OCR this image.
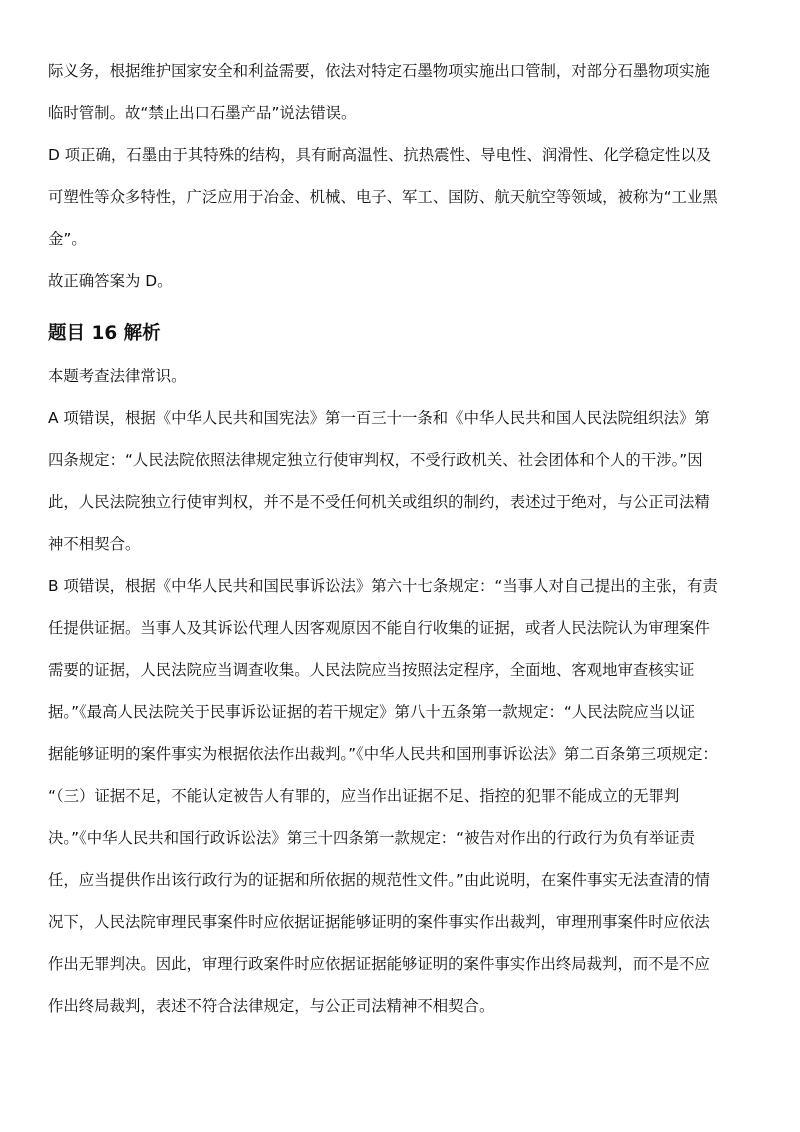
际义务，根据维护国家安全和利益需要，依法对特定石墨物项实施出口管制，对部分石墨物项实施
临时管制。故“禁止出口石墨产品”说法错误。
D 项正确，石墨由于其特殊的结构，具有耐高温性、抗热震性、导电性、润滑性、化学稳定性以及
可塑性等众多特性，广泛应用于冶金、机械、电子、军工、国防、航天航空等领域，被称为“工业黑
金”。
故正确答案为 D。
题目 16 解析
本题考查法律常识。
A 项错误，根据《中华人民共和国宪法》第一百三十一条和《中华人民共和国人民法院组织法》第
四条规定：“人民法院依照法律规定独立行使审判权，不受行政机关、社会团体和个人的干涉。”因
此，人民法院独立行使审判权，并不是不受任何机关或组织的制约，表述过于绝对，与公正司法精
神不相契合。
B 项错误，根据《中华人民共和国民事诉讼法》第六十七条规定：“当事人对自己提出的主张，有责
任提供证据。当事人及其诉讼代理人因客观原因不能自行收集的证据，或者人民法院认为审理案件
需要的证据，人民法院应当调查收集。人民法院应当按照法定程序，全面地、客观地审查核实证
据。”《最高人民法院关于民事诉讼证据的若干规定》第八十五条第一款规定：“人民法院应当以证
据能够证明的案件事实为根据依法作出裁判。”《中华人民共和国刑事诉讼法》第二百条第三项规定：
“（三）证据不足，不能认定被告人有罪的，应当作出证据不足、指控的犯罪不能成立的无罪判
决。”《中华人民共和国行政诉讼法》第三十四条第一款规定：“被告对作出的行政行为负有举证责
任，应当提供作出该行政行为的证据和所依据的规范性文件。”由此说明，在案件事实无法查清的情
况下，人民法院审理民事案件时应依据证据能够证明的案件事实作出裁判，审理刑事案件时应依法
作出无罪判决。因此，审理行政案件时应依据证据能够证明的案件事实作出终局裁判，而不是不应
作出终局裁判，表述不符合法律规定，与公正司法精神不相契合。
